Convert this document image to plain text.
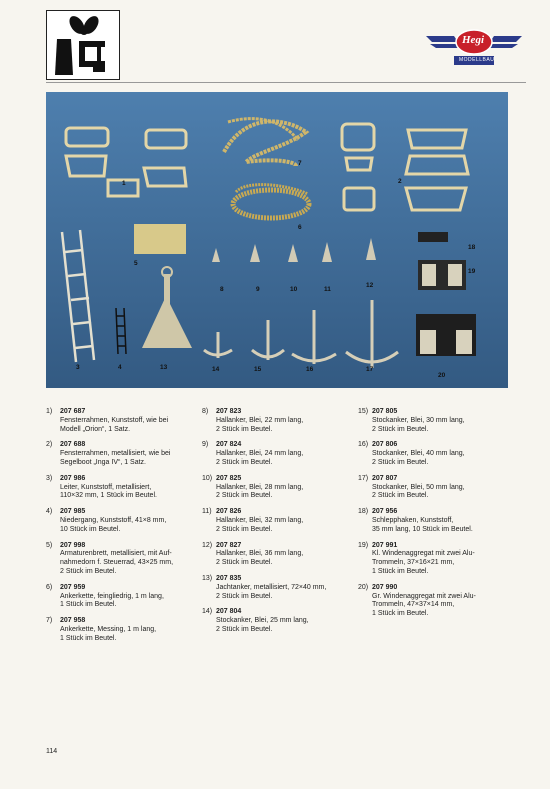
Hegi
MODELLBAU
1	2
3	4
5
6
7
8	9	10	11
12
13	14	15	16	17
18
19
20
1)	207 687
Fensterrahmen, Kunststoff, wie bei
Modell „Orion“, 1 Satz.
2)	207 688
Fensterrahmen, metallisiert, wie bei
Segelboot „Inga IV“, 1 Satz.
3)	207 986
Leiter, Kunststoff, metallisiert,
110×32 mm, 1 Stück im Beutel.
4)	207 985
Niedergang, Kunststoff, 41×8 mm,
10 Stück im Beutel.
5)	207 998
Armaturenbrett, metallisiert, mit Auf-
nahmedorn f. Steuerrad, 43×25 mm,
2 Stück im Beutel.
6)	207 959
Ankerkette, feingliedrig, 1 m lang,
1 Stück im Beutel.
7)	207 958
Ankerkette, Messing, 1 m lang,
1 Stück im Beutel.
8)	207 823
Hallanker, Blei, 22 mm lang,
2 Stück im Beutel.
9)	207 824
Hallanker, Blei, 24 mm lang,
2 Stück im Beutel.
10) 207 825
Hallanker, Blei, 28 mm lang,
2 Stück im Beutel.
11) 207 826
Hallanker, Blei, 32 mm lang,
2 Stück im Beutel.
12) 207 827
Hallanker, Blei, 36 mm lang,
2 Stück im Beutel.
13) 207 835
Jachtanker, metallisiert, 72×40 mm,
2 Stück im Beutel.
14) 207 804
Stockanker, Blei, 25 mm lang,
2 Stück im Beutel.
15) 207 805
Stockanker, Blei, 30 mm lang,
2 Stück im Beutel.
16) 207 806
Stockanker, Blei, 40 mm lang,
2 Stück im Beutel.
17) 207 807
Stockanker, Blei, 50 mm lang,
2 Stück im Beutel.
18) 207 956
Schlepphaken, Kunststoff,
35 mm lang, 10 Stück im Beutel.
19) 207 991
Kl. Windenaggregat mit zwei Alu-
Trommeln, 37×16×21 mm,
1 Stück im Beutel.
20) 207 990
Gr. Windenaggregat mit zwei Alu-
Trommeln, 47×37×14 mm,
1 Stück im Beutel.
114
